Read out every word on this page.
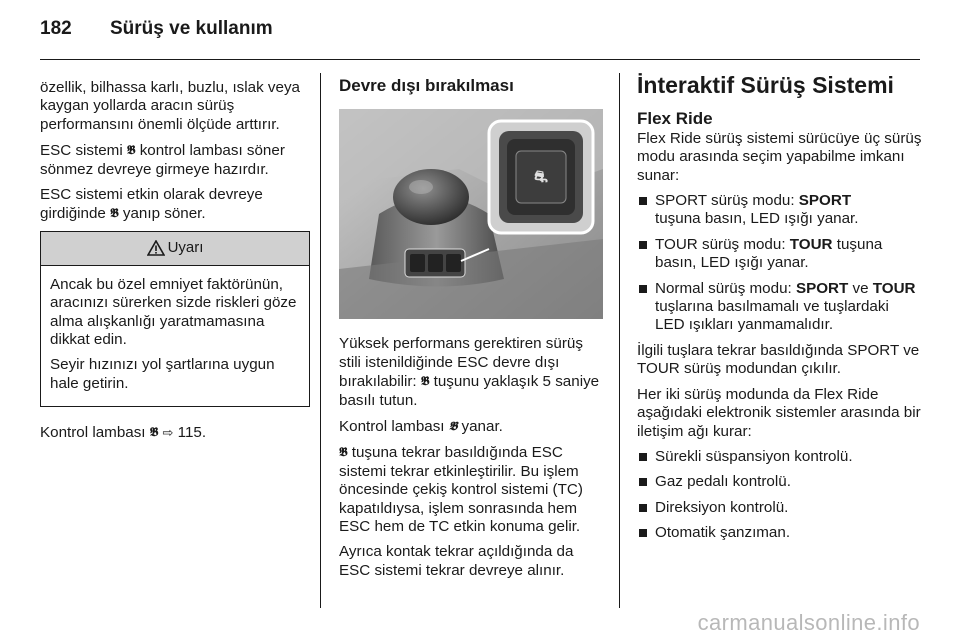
182	Sürüş ve kullanım

özellik, bilhassa karlı, buzlu, ıslak veya kaygan yollarda aracın sürüş performansını önemli ölçüde arttırır.

ESC sistemi 𝕭 kontrol lambası söner sönmez devreye girmeye hazırdır.

ESC sistemi etkin olarak devreye girdiğinde 𝕭 yanıp söner.

Uyarı

Ancak bu özel emniyet faktörünün, aracınızı sürerken sizde riskleri göze alma alışkanlığı yaratmamasına dikkat edin.

Seyir hızınızı yol şartlarına uygun hale getirin.

Kontrol lambası 𝕭 ⇨ 115.

Devre dışı bırakılması
⛐

Yüksek performans gerektiren sürüş stili istenildiğinde ESC devre dışı bırakılabilir: 𝕭 tuşunu yaklaşık 5 saniye basılı tutun.

Kontrol lambası 𝕭 yanar.

𝕭 tuşuna tekrar basıldığında ESC sistemi tekrar etkinleştirilir. Bu işlem öncesinde çekiş kontrol sistemi (TC) kapatıldıysa, işlem sonrasında hem ESC hem de TC etkin konuma gelir.

Ayrıca kontak tekrar açıldığında da ESC sistemi tekrar devreye alınır.

İnteraktif Sürüş Sistemi
Flex Ride

Flex Ride sürüş sistemi sürücüye üç sürüş modu arasında seçim yapabilme imkanı sunar:

SPORT sürüş modu: SPORT
tuşuna basın, LED ışığı yanar.
TOUR sürüş modu: TOUR tuşuna basın, LED ışığı yanar.
Normal sürüş modu: SPORT ve TOUR tuşlarına basılmamalı ve tuşlardaki LED ışıkları yanmamalıdır.

İlgili tuşlara tekrar basıldığında SPORT ve TOUR sürüş modundan çıkılır.

Her iki sürüş modunda da Flex Ride aşağıdaki elektronik sistemler arasında bir iletişim ağı kurar:

Sürekli süspansiyon kontrolü.
Gaz pedalı kontrolü.
Direksiyon kontrolü.
Otomatik şanzıman.
carmanualsonline.info
